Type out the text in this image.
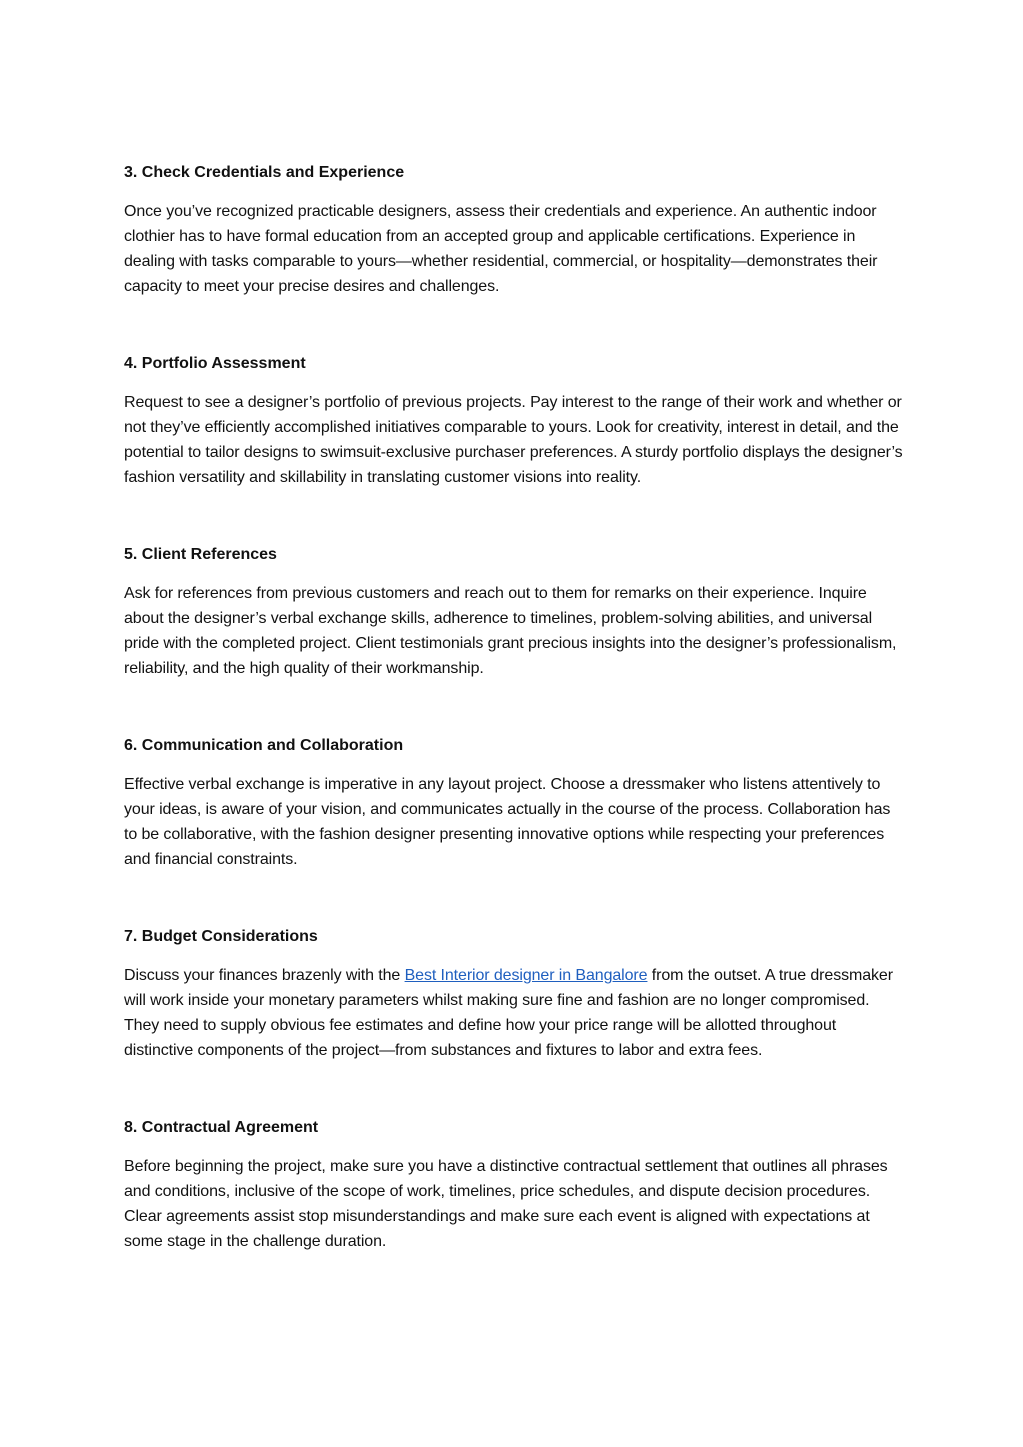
3. Check Credentials and Experience

Once you’ve recognized practicable designers, assess their credentials and experience. An authentic indoor clothier has to have formal education from an accepted group and applicable certifications. Experience in dealing with tasks comparable to yours—whether residential, commercial, or hospitality—demonstrates their capacity to meet your precise desires and challenges.

4. Portfolio Assessment

Request to see a designer’s portfolio of previous projects. Pay interest to the range of their work and whether or not they’ve efficiently accomplished initiatives comparable to yours. Look for creativity, interest in detail, and the potential to tailor designs to swimsuit-exclusive purchaser preferences. A sturdy portfolio displays the designer’s fashion versatility and skillability in translating customer visions into reality.

5. Client References

Ask for references from previous customers and reach out to them for remarks on their experience. Inquire about the designer’s verbal exchange skills, adherence to timelines, problem-solving abilities, and universal pride with the completed project. Client testimonials grant precious insights into the designer’s professionalism, reliability, and the high quality of their workmanship.

6. Communication and Collaboration

Effective verbal exchange is imperative in any layout project. Choose a dressmaker who listens attentively to your ideas, is aware of your vision, and communicates actually in the course of the process. Collaboration has to be collaborative, with the fashion designer presenting innovative options while respecting your preferences and financial constraints.

7. Budget Considerations

Discuss your finances brazenly with the Best Interior designer in Bangalore from the outset. A true dressmaker will work inside your monetary parameters whilst making sure fine and fashion are no longer compromised. They need to supply obvious fee estimates and define how your price range will be allotted throughout distinctive components of the project—from substances and fixtures to labor and extra fees.

8. Contractual Agreement

Before beginning the project, make sure you have a distinctive contractual settlement that outlines all phrases and conditions, inclusive of the scope of work, timelines, price schedules, and dispute decision procedures. Clear agreements assist stop misunderstandings and make sure each event is aligned with expectations at some stage in the challenge duration.
